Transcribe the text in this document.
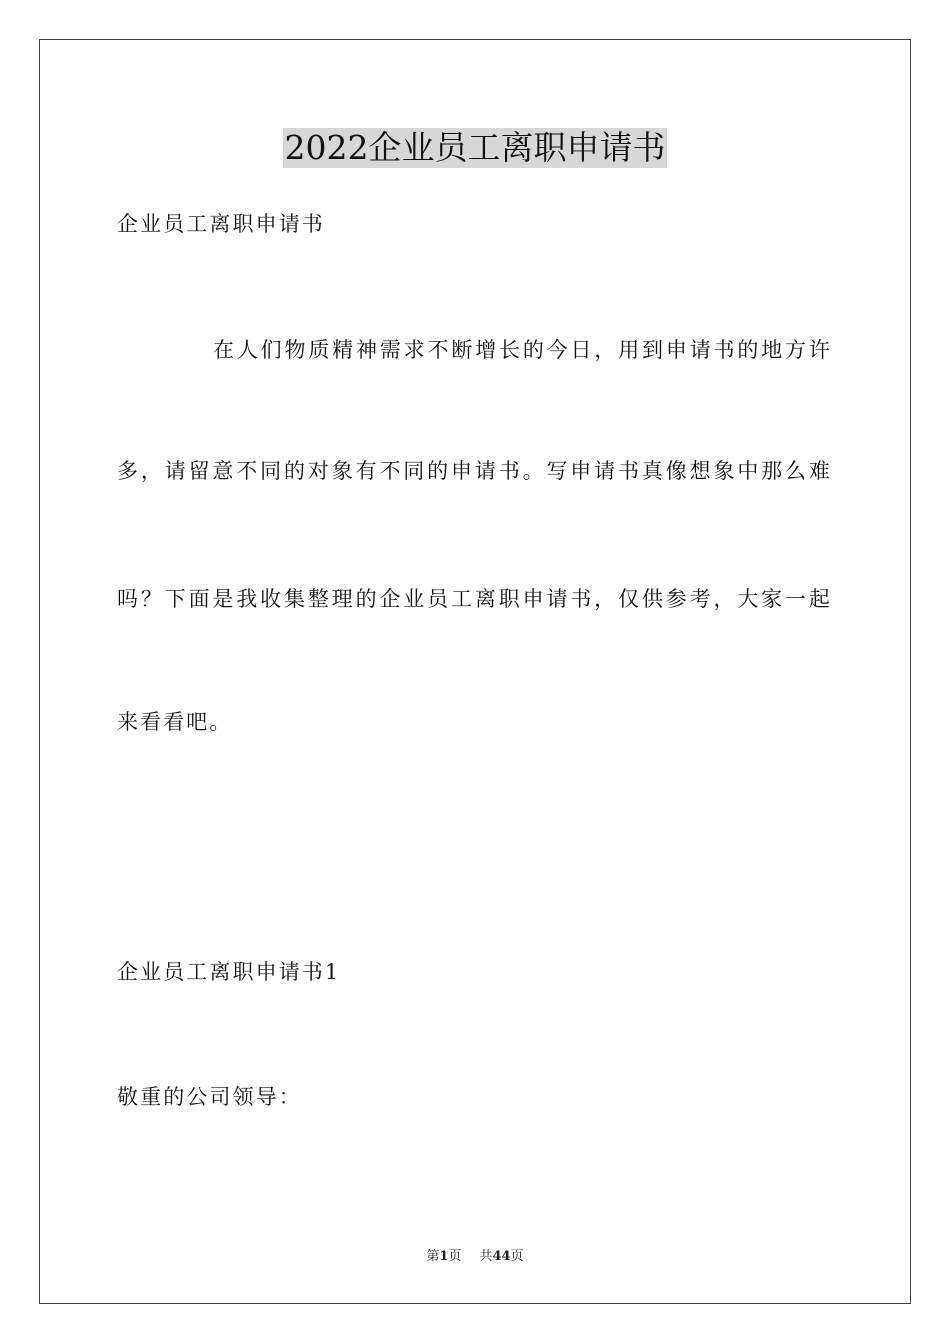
2022企业员工离职申请书
企业员工离职申请书
在人们物质精神需求不断增长的今日，用到申请书的地方许
多，请留意不同的对象有不同的申请书。写申请书真像想象中那么难
吗？下面是我收集整理的企业员工离职申请书，仅供参考，大家一起
来看看吧。
企业员工离职申请书1
敬重的公司领导：
第1页 共44页
